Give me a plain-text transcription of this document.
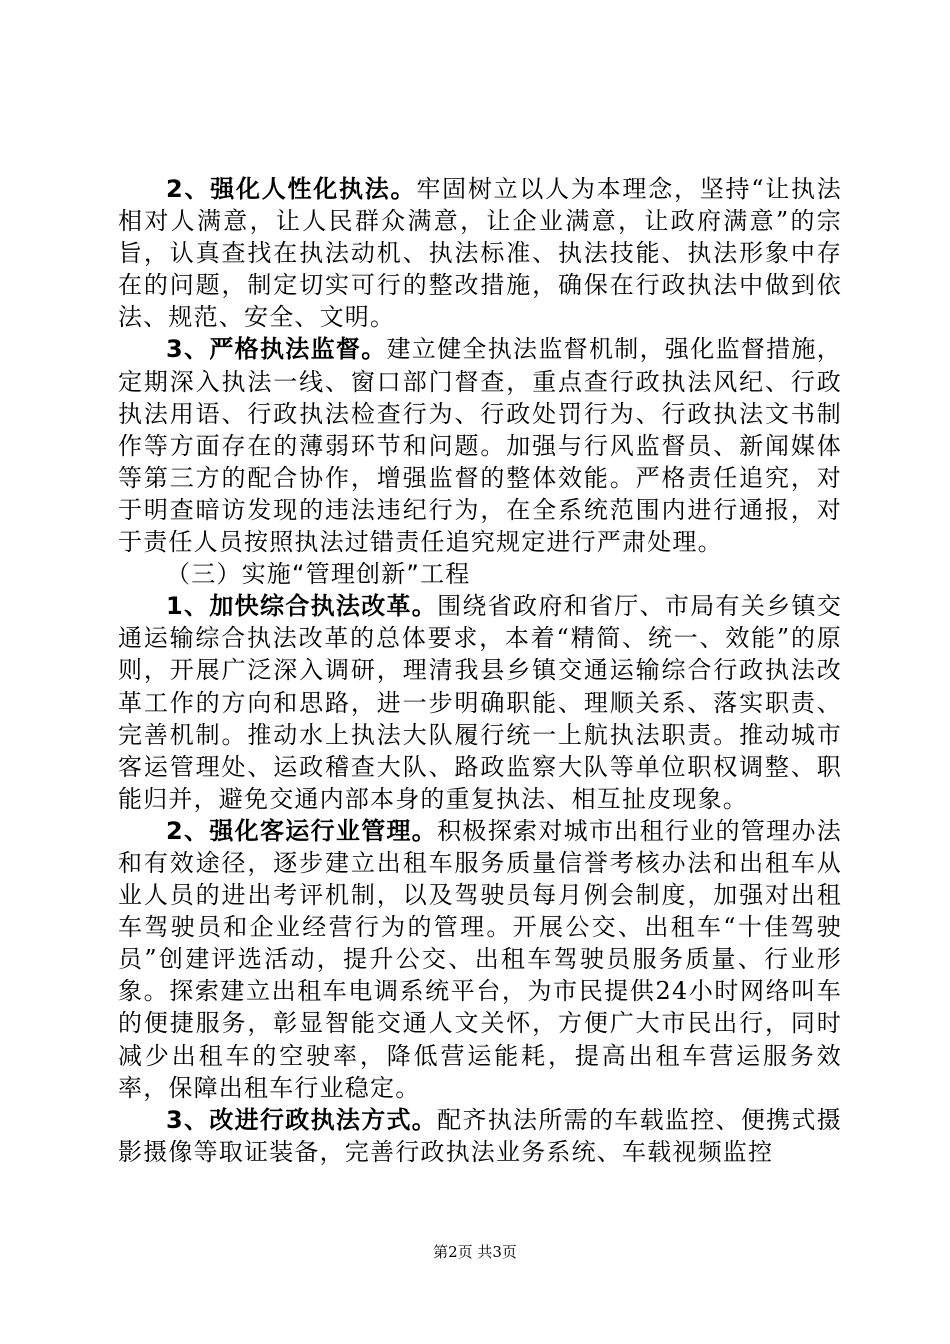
2、强化人性化执法。牢固树立以人为本理念，坚持“让执法相对人满意，让人民群众满意，让企业满意，让政府满意”的宗旨，认真查找在执法动机、执法标准、执法技能、执法形象中存在的问题，制定切实可行的整改措施，确保在行政执法中做到依法、规范、安全、文明。

3、严格执法监督。建立健全执法监督机制，强化监督措施，定期深入执法一线、窗口部门督查，重点查行政执法风纪、行政执法用语、行政执法检查行为、行政处罚行为、行政执法文书制作等方面存在的薄弱环节和问题。加强与行风监督员、新闻媒体等第三方的配合协作，增强监督的整体效能。严格责任追究，对于明查暗访发现的违法违纪行为，在全系统范围内进行通报，对于责任人员按照执法过错责任追究规定进行严肃处理。

（三）实施“管理创新”工程

1、加快综合执法改革。围绕省政府和省厅、市局有关乡镇交通运输综合执法改革的总体要求，本着“精简、统一、效能”的原则，开展广泛深入调研，理清我县乡镇交通运输综合行政执法改革工作的方向和思路，进一步明确职能、理顺关系、落实职责、完善机制。推动水上执法大队履行统一上航执法职责。推动城市客运管理处、运政稽查大队、路政监察大队等单位职权调整、职能归并，避免交通内部本身的重复执法、相互扯皮现象。

2、强化客运行业管理。积极探索对城市出租行业的管理办法和有效途径，逐步建立出租车服务质量信誉考核办法和出租车从业人员的进出考评机制，以及驾驶员每月例会制度，加强对出租车驾驶员和企业经营行为的管理。开展公交、出租车“十佳驾驶员”创建评选活动，提升公交、出租车驾驶员服务质量、行业形象。探索建立出租车电调系统平台，为市民提供24小时网络叫车的便捷服务，彰显智能交通人文关怀，方便广大市民出行，同时减少出租车的空驶率，降低营运能耗，提高出租车营运服务效率，保障出租车行业稳定。

3、改进行政执法方式。配齐执法所需的车载监控、便携式摄影摄像等取证装备，完善行政执法业务系统、车载视频监控

第2页 共3页
